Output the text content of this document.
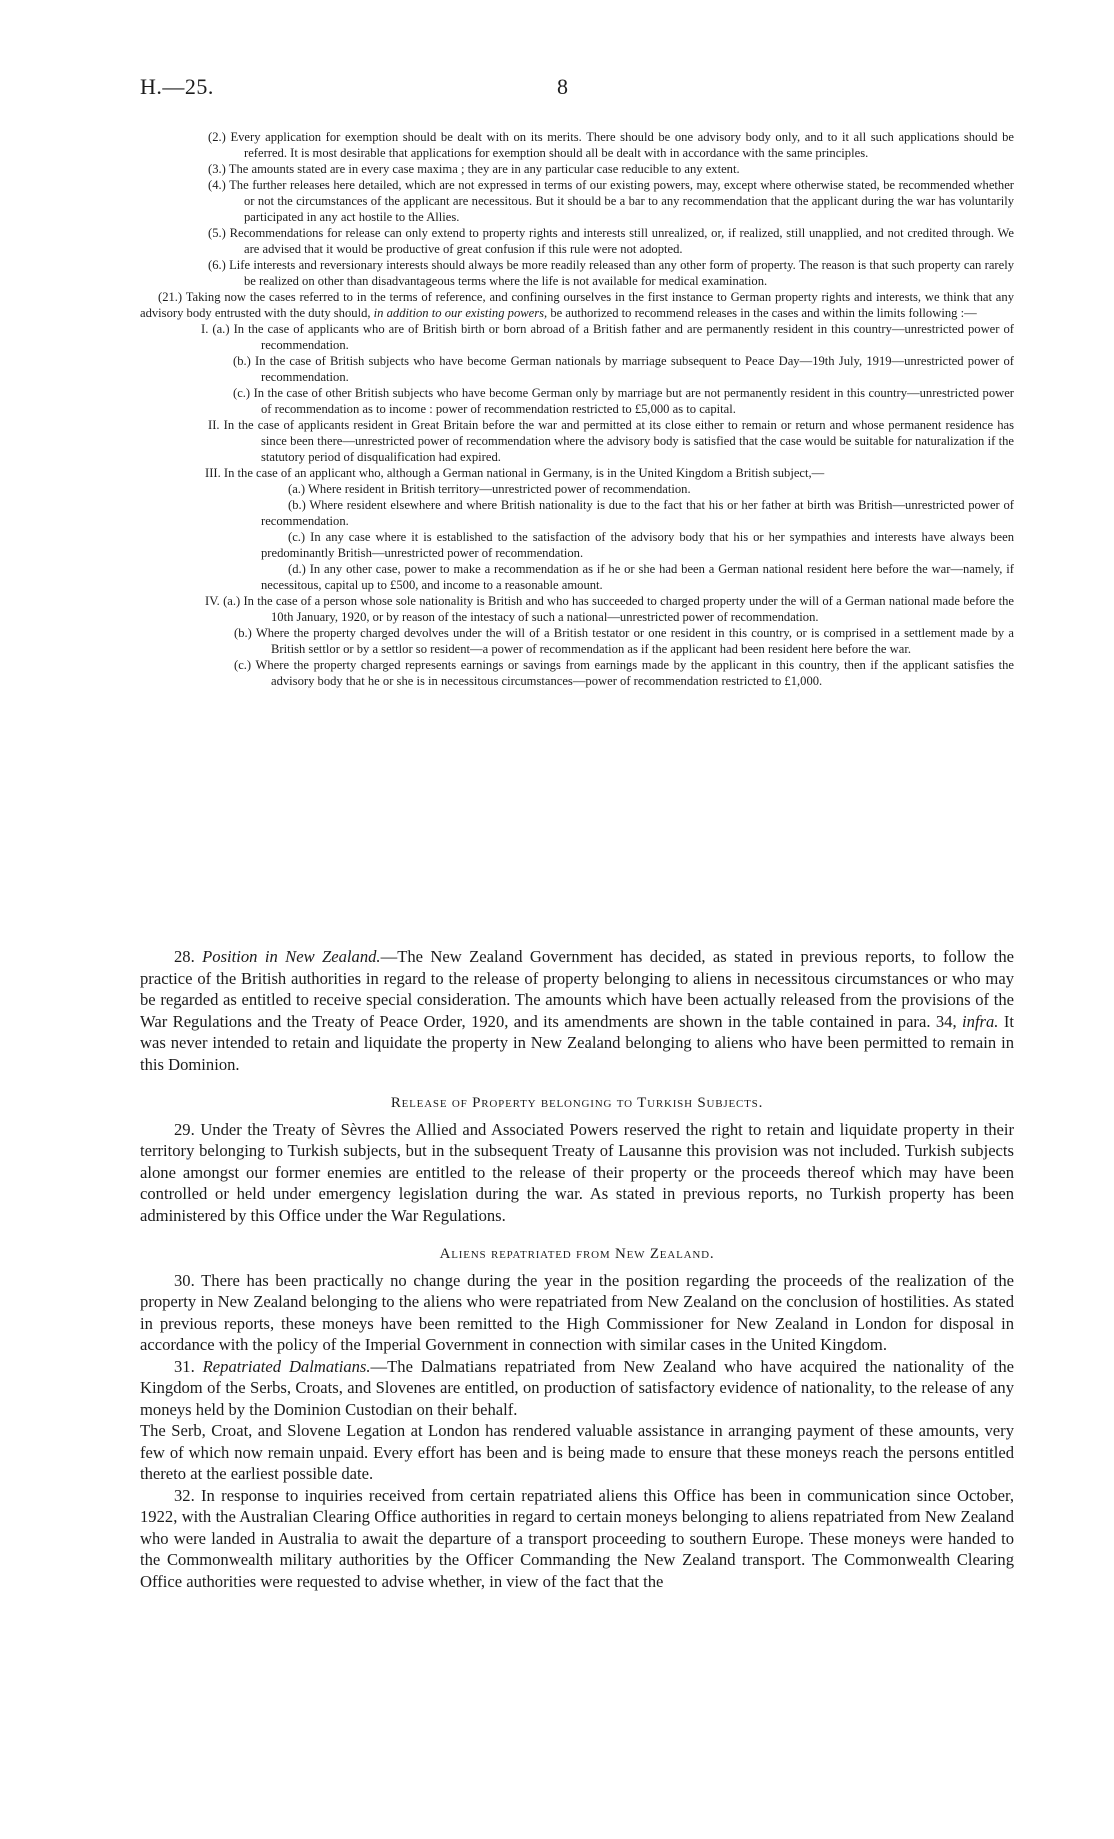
H.—25.	8

(2.) Every application for exemption should be dealt with on its merits. There should be one advisory body only, and to it all such applications should be referred. It is most desirable that applications for exemption should all be dealt with in accordance with the same principles.

(3.) The amounts stated are in every case maxima ; they are in any particular case reducible to any extent.

(4.) The further releases here detailed, which are not expressed in terms of our existing powers, may, except where otherwise stated, be recommended whether or not the circumstances of the applicant are necessitous. But it should be a bar to any recommendation that the applicant during the war has voluntarily participated in any act hostile to the Allies.

(5.) Recommendations for release can only extend to property rights and interests still unrealized, or, if realized, still unapplied, and not credited through. We are advised that it would be productive of great confusion if this rule were not adopted.

(6.) Life interests and reversionary interests should always be more readily released than any other form of property. The reason is that such property can rarely be realized on other than disadvantageous terms where the life is not available for medical examination.

(21.) Taking now the cases referred to in the terms of reference, and confining ourselves in the first instance to German property rights and interests, we think that any advisory body entrusted with the duty should, in addition to our existing powers, be authorized to recommend releases in the cases and within the limits following :—

I. (a.) In the case of applicants who are of British birth or born abroad of a British father and are permanently resident in this country—unrestricted power of recommendation.

(b.) In the case of British subjects who have become German nationals by marriage subsequent to Peace Day—19th July, 1919—unrestricted power of recommendation.

(c.) In the case of other British subjects who have become German only by marriage but are not permanently resident in this country—unrestricted power of recommendation as to income : power of recommendation restricted to £5,000 as to capital.

II. In the case of applicants resident in Great Britain before the war and permitted at its close either to remain or return and whose permanent residence has since been there—unrestricted power of recommendation where the advisory body is satisfied that the case would be suitable for naturalization if the statutory period of disqualification had expired.

III. In the case of an applicant who, although a German national in Germany, is in the United Kingdom a British subject,—

(a.) Where resident in British territory—unrestricted power of recommendation.

(b.) Where resident elsewhere and where British nationality is due to the fact that his or her father at birth was British—unrestricted power of recommendation.

(c.) In any case where it is established to the satisfaction of the advisory body that his or her sympathies and interests have always been predominantly British—unrestricted power of recommendation.

(d.) In any other case, power to make a recommendation as if he or she had been a German national resident here before the war—namely, if necessitous, capital up to £500, and income to a reasonable amount.

IV. (a.) In the case of a person whose sole nationality is British and who has succeeded to charged property under the will of a German national made before the 10th January, 1920, or by reason of the intestacy of such a national—unrestricted power of recommendation.

(b.) Where the property charged devolves under the will of a British testator or one resident in this country, or is comprised in a settlement made by a British settlor or by a settlor so resident—a power of recommendation as if the applicant had been resident here before the war.

(c.) Where the property charged represents earnings or savings from earnings made by the applicant in this country, then if the applicant satisfies the advisory body that he or she is in necessitous circumstances—power of recommendation restricted to £1,000.

28. Position in New Zealand.—The New Zealand Government has decided, as stated in previous reports, to follow the practice of the British authorities in regard to the release of property belonging to aliens in necessitous circumstances or who may be regarded as entitled to receive special consideration. The amounts which have been actually released from the provisions of the War Regulations and the Treaty of Peace Order, 1920, and its amendments are shown in the table contained in para. 34, infra. It was never intended to retain and liquidate the property in New Zealand belonging to aliens who have been permitted to remain in this Dominion.

Release of Property belonging to Turkish Subjects.

29. Under the Treaty of Sèvres the Allied and Associated Powers reserved the right to retain and liquidate property in their territory belonging to Turkish subjects, but in the subsequent Treaty of Lausanne this provision was not included. Turkish subjects alone amongst our former enemies are entitled to the release of their property or the proceeds thereof which may have been controlled or held under emergency legislation during the war. As stated in previous reports, no Turkish property has been administered by this Office under the War Regulations.

Aliens repatriated from New Zealand.

30. There has been practically no change during the year in the position regarding the proceeds of the realization of the property in New Zealand belonging to the aliens who were repatriated from New Zealand on the conclusion of hostilities. As stated in previous reports, these moneys have been remitted to the High Commissioner for New Zealand in London for disposal in accordance with the policy of the Imperial Government in connection with similar cases in the United Kingdom.

31. Repatriated Dalmatians.—The Dalmatians repatriated from New Zealand who have acquired the nationality of the Kingdom of the Serbs, Croats, and Slovenes are entitled, on production of satisfactory evidence of nationality, to the release of any moneys held by the Dominion Custodian on their behalf.

The Serb, Croat, and Slovene Legation at London has rendered valuable assistance in arranging payment of these amounts, very few of which now remain unpaid. Every effort has been and is being made to ensure that these moneys reach the persons entitled thereto at the earliest possible date.

32. In response to inquiries received from certain repatriated aliens this Office has been in communication since October, 1922, with the Australian Clearing Office authorities in regard to certain moneys belonging to aliens repatriated from New Zealand who were landed in Australia to await the departure of a transport proceeding to southern Europe. These moneys were handed to the Commonwealth military authorities by the Officer Commanding the New Zealand transport. The Commonwealth Clearing Office authorities were requested to advise whether, in view of the fact that the
